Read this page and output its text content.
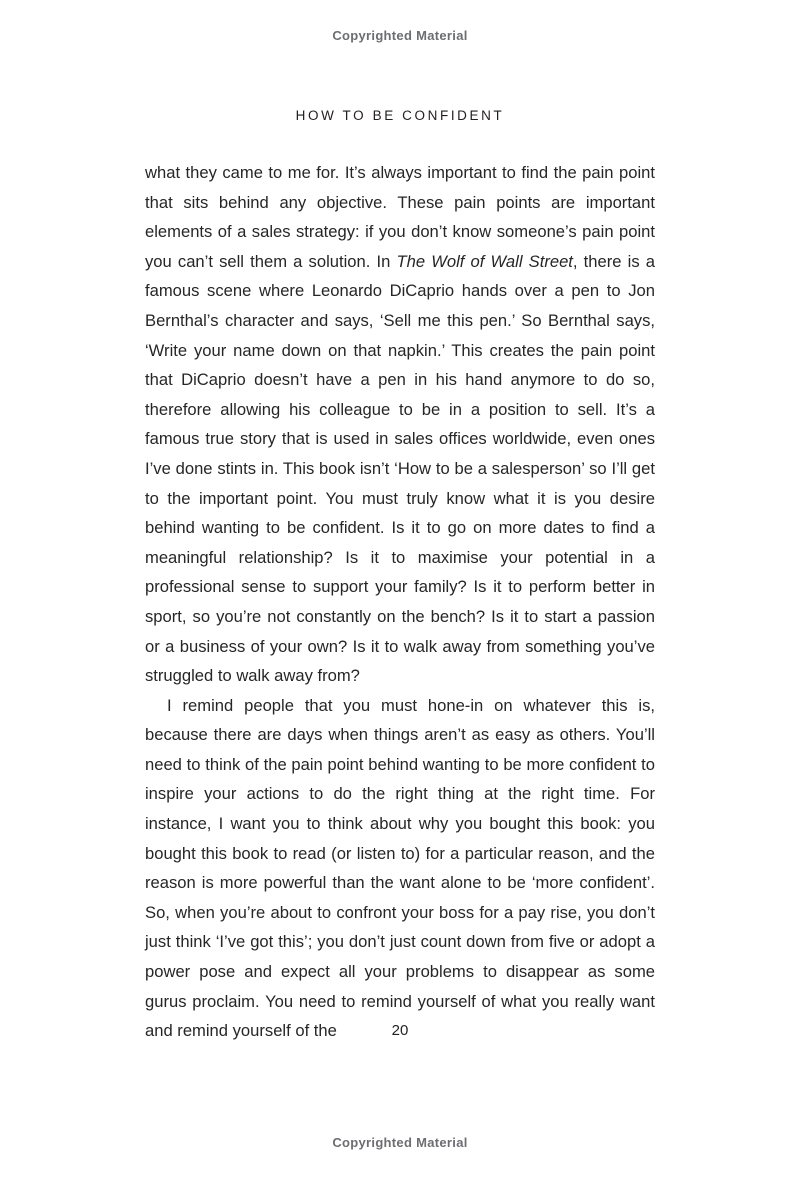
Copyrighted Material
HOW TO BE CONFIDENT

what they came to me for. It’s always important to find the pain point that sits behind any objective. These pain points are important elements of a sales strategy: if you don’t know someone’s pain point you can’t sell them a solution. In The Wolf of Wall Street, there is a famous scene where Leonardo DiCaprio hands over a pen to Jon Bernthal’s character and says, ‘Sell me this pen.’ So Bernthal says, ‘Write your name down on that napkin.’ This creates the pain point that DiCaprio doesn’t have a pen in his hand anymore to do so, therefore allowing his colleague to be in a position to sell. It’s a famous true story that is used in sales offices worldwide, even ones I’ve done stints in. This book isn’t ‘How to be a salesperson’ so I’ll get to the important point. You must truly know what it is you desire behind wanting to be confident. Is it to go on more dates to find a meaningful relationship? Is it to maximise your potential in a professional sense to support your family? Is it to perform better in sport, so you’re not constantly on the bench? Is it to start a passion or a business of your own? Is it to walk away from something you’ve struggled to walk away from?

I remind people that you must hone-in on whatever this is, because there are days when things aren’t as easy as others. You’ll need to think of the pain point behind wanting to be more confident to inspire your actions to do the right thing at the right time. For instance, I want you to think about why you bought this book: you bought this book to read (or listen to) for a particular reason, and the reason is more powerful than the want alone to be ‘more confident’. So, when you’re about to confront your boss for a pay rise, you don’t just think ‘I’ve got this’; you don’t just count down from five or adopt a power pose and expect all your problems to disappear as some gurus proclaim. You need to remind yourself of what you really want and remind yourself of the	20
Copyrighted Material
